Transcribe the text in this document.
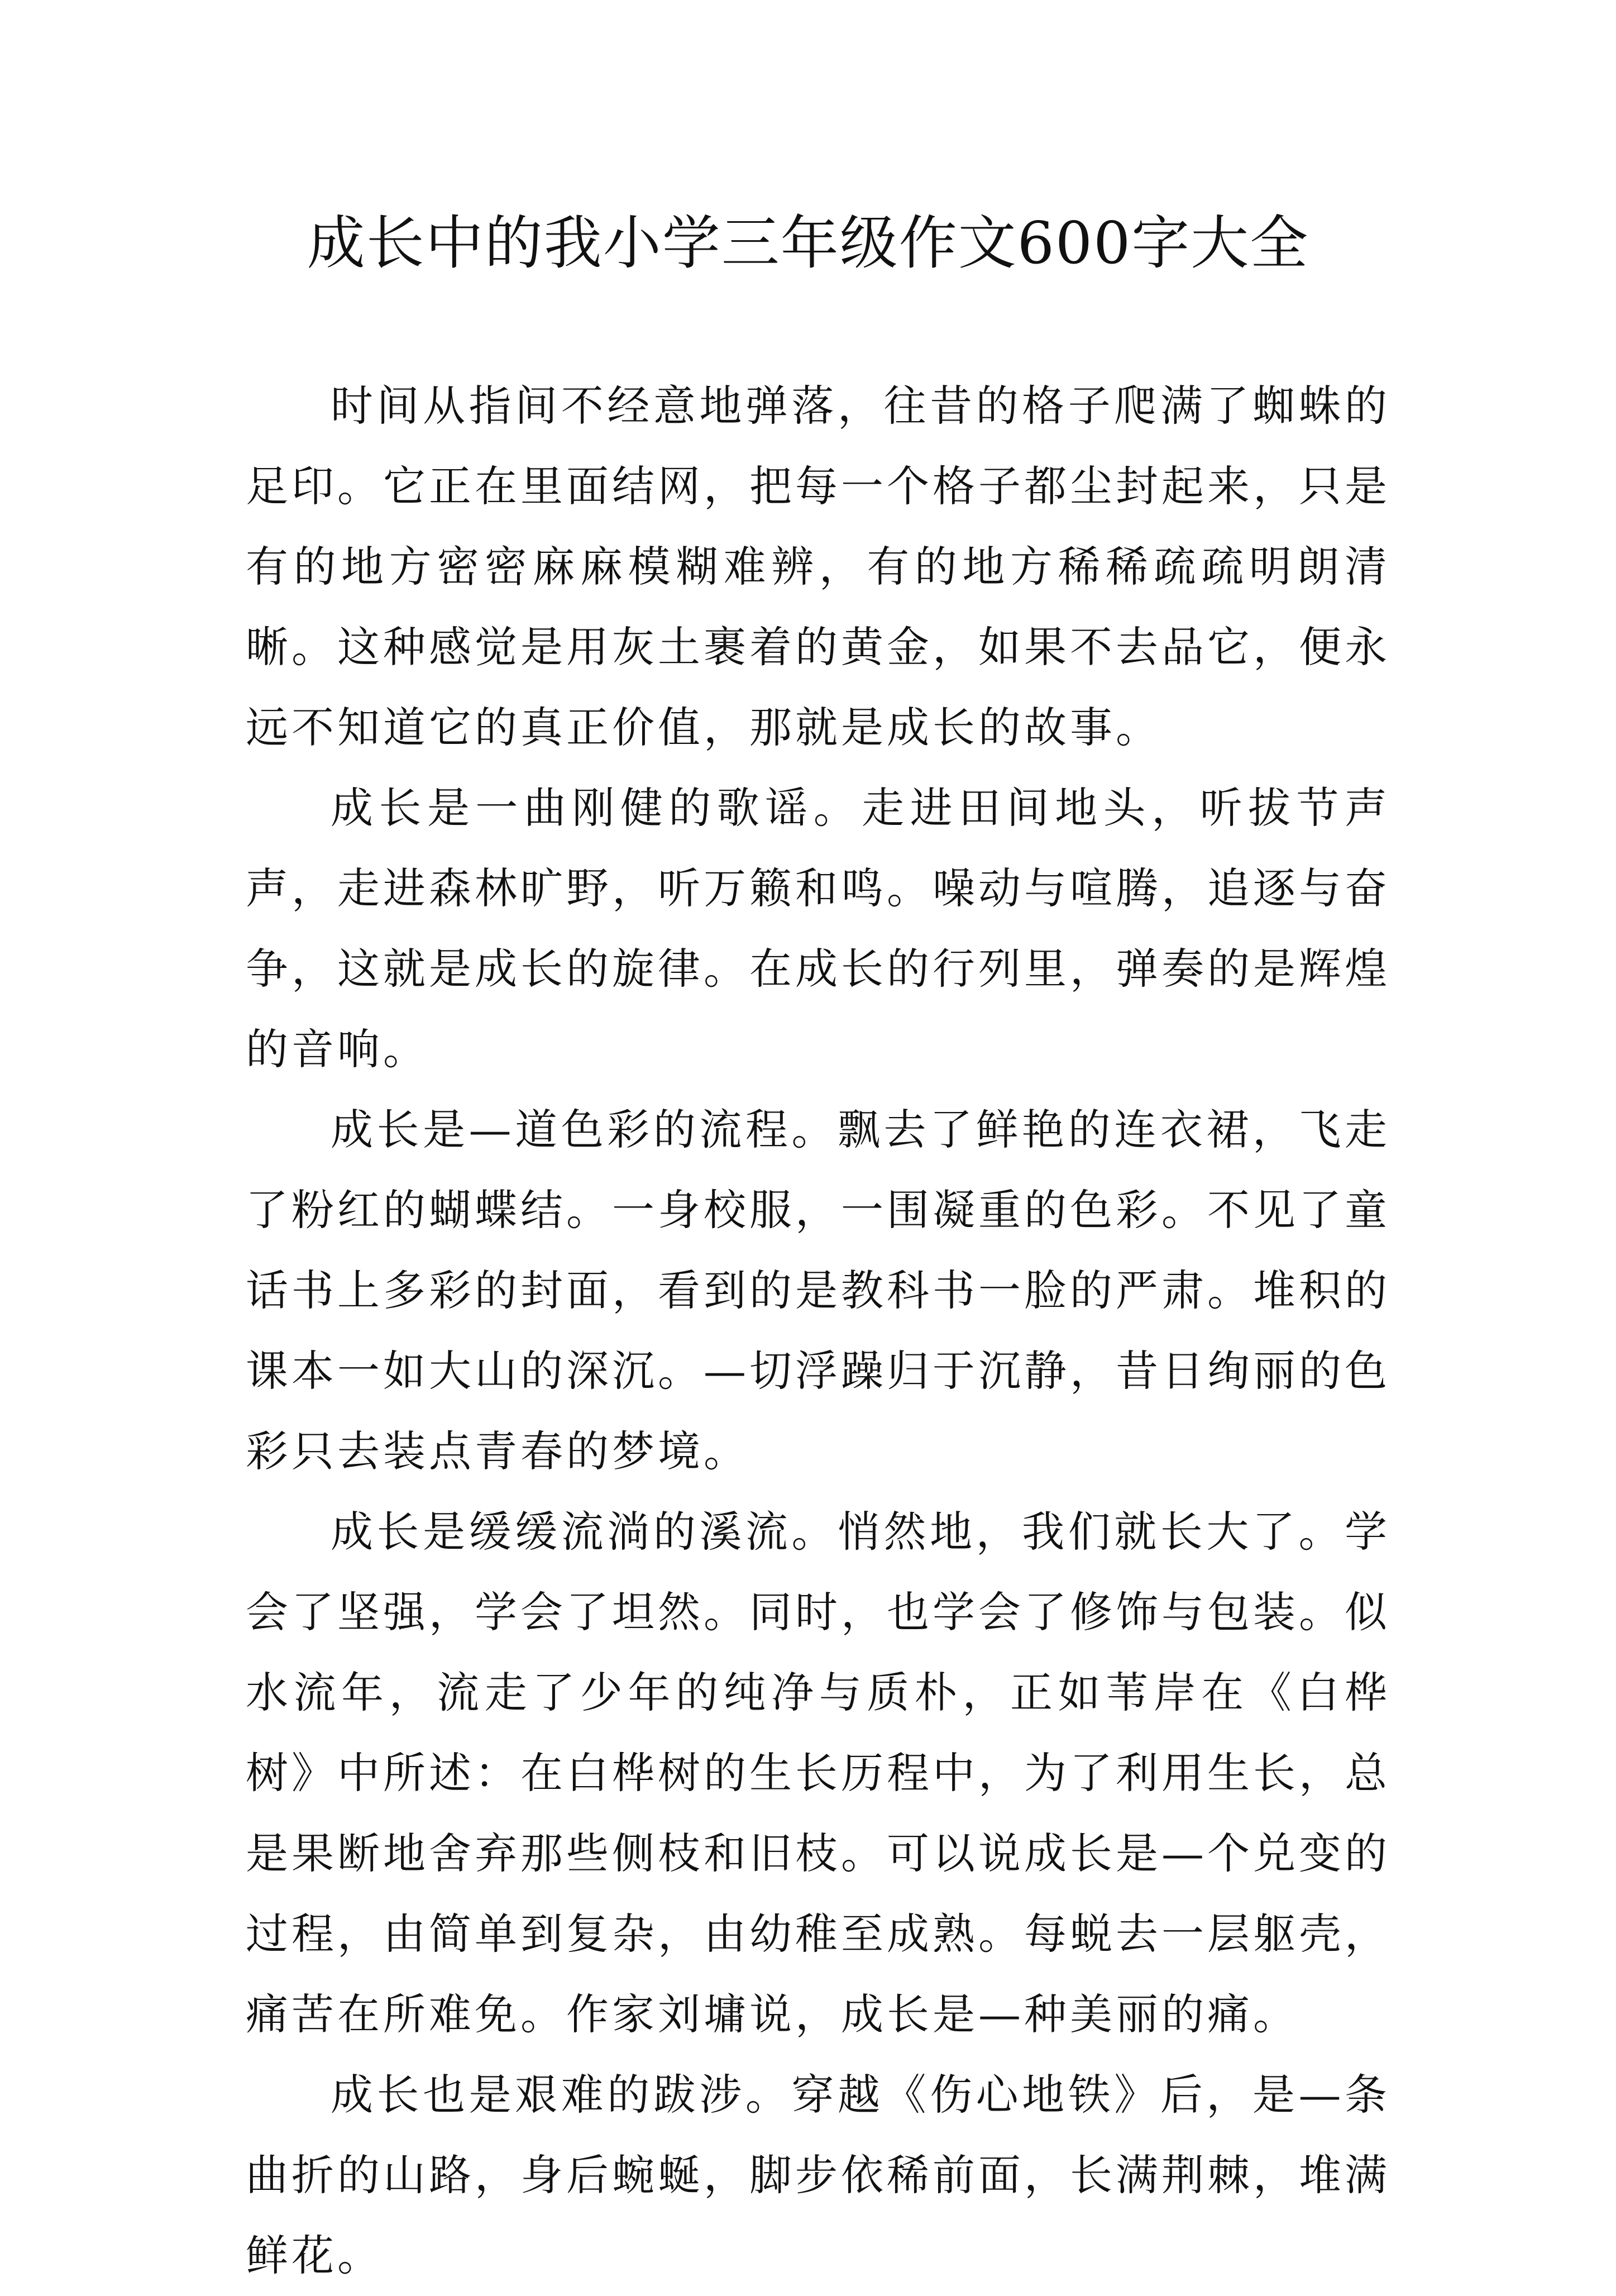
成长中的我小学三年级作文600字大全

时间从指间不经意地弹落，往昔的格子爬满了蜘蛛的足印。它正在里面结网，把每一个格子都尘封起来，只是有的地方密密麻麻模糊难辨，有的地方稀稀疏疏明朗清晰。这种感觉是用灰土裹着的黄金，如果不去品它，便永远不知道它的真正价值，那就是成长的故事。

成长是一曲刚健的歌谣。走进田间地头，听拔节声声，走进森林旷野，听万籁和鸣。噪动与喧腾，追逐与奋争，这就是成长的旋律。在成长的行列里，弹奏的是辉煌的音响。

成长是—道色彩的流程。飘去了鲜艳的连衣裙，飞走了粉红的蝴蝶结。一身校服，一围凝重的色彩。不见了童话书上多彩的封面，看到的是教科书一脸的严肃。堆积的课本一如大山的深沉。—切浮躁归于沉静，昔日绚丽的色彩只去装点青春的梦境。

成长是缓缓流淌的溪流。悄然地，我们就长大了。学会了坚强，学会了坦然。同时，也学会了修饰与包装。似水流年，流走了少年的纯净与质朴，正如苇岸在《白桦树》中所述：在白桦树的生长历程中，为了利用生长，总是果断地舍弃那些侧枝和旧枝。可以说成长是—个兑变的过程，由简单到复杂，由幼稚至成熟。每蜕去一层躯壳，痛苦在所难免。作家刘墉说，成长是—种美丽的痛。

成长也是艰难的跋涉。穿越《伤心地铁》后，是—条曲折的山路，身后蜿蜒，脚步依稀前面，长满荆棘，堆满鲜花。
